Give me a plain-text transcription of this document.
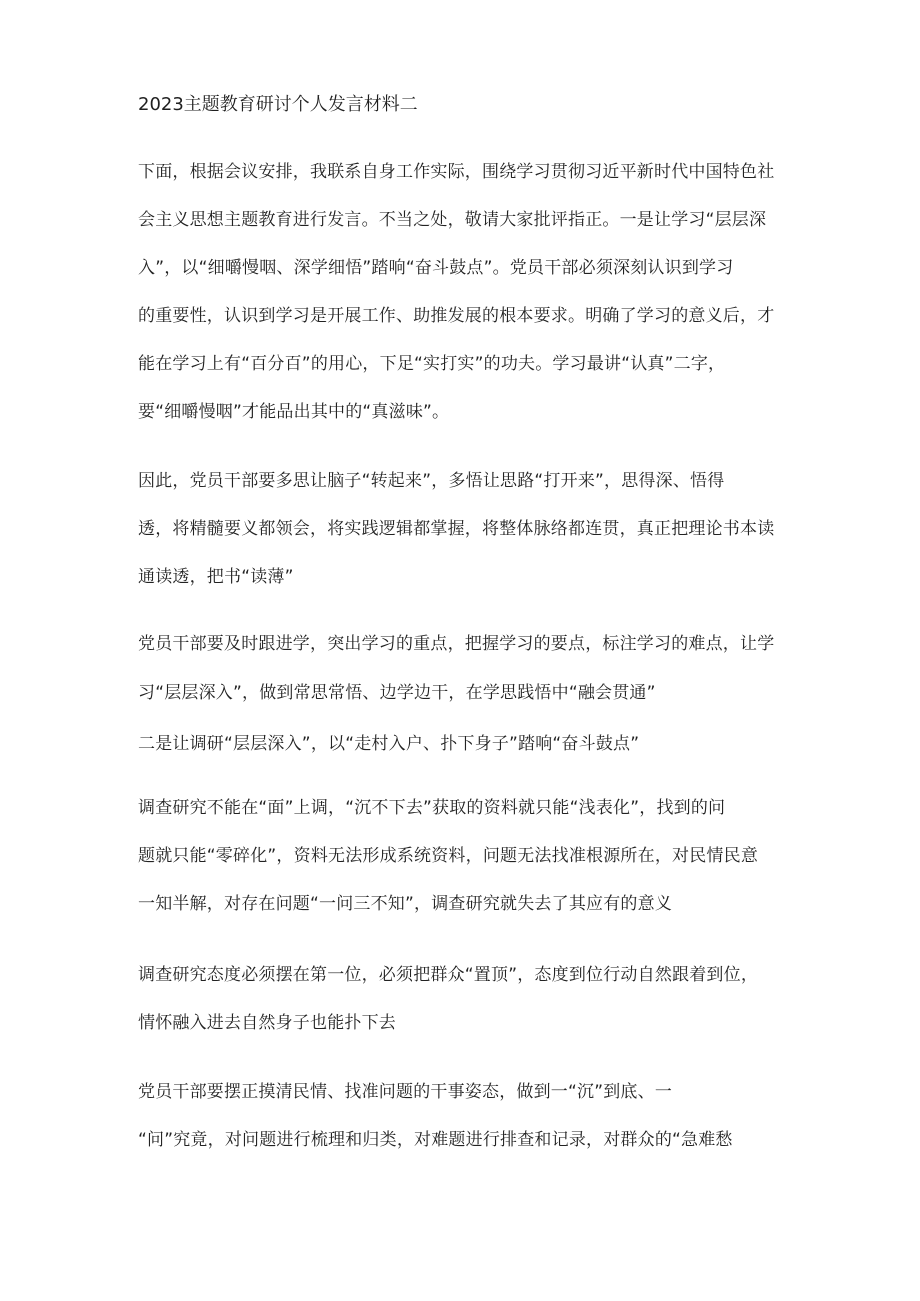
2023主题教育研讨个人发言材料二
下面，根据会议安排，我联系自身工作实际，围绕学习贯彻习近平新时代中国特色社
会主义思想主题教育进行发言。不当之处，敬请大家批评指正。一是让学习“层层深
入”，以“细嚼慢咽、深学细悟”踏响“奋斗鼓点”。党员干部必须深刻认识到学习
的重要性，认识到学习是开展工作、助推发展的根本要求。明确了学习的意义后，才
能在学习上有“百分百”的用心，下足“实打实”的功夫。学习最讲“认真”二字，
要“细嚼慢咽”才能品出其中的“真滋味”。
因此，党员干部要多思让脑子“转起来”，多悟让思路“打开来”，思得深、悟得
透，将精髓要义都领会，将实践逻辑都掌握，将整体脉络都连贯，真正把理论书本读
通读透，把书“读薄”
党员干部要及时跟进学，突出学习的重点，把握学习的要点，标注学习的难点，让学
习“层层深入”，做到常思常悟、边学边干，在学思践悟中“融会贯通”
二是让调研“层层深入”，以“走村入户、扑下身子”踏响“奋斗鼓点”
调查研究不能在“面”上调，“沉不下去”获取的资料就只能“浅表化”，找到的问
题就只能“零碎化”，资料无法形成系统资料，问题无法找准根源所在，对民情民意
一知半解，对存在问题“一问三不知”，调查研究就失去了其应有的意义
调查研究态度必须摆在第一位，必须把群众“置顶”，态度到位行动自然跟着到位，
情怀融入进去自然身子也能扑下去
党员干部要摆正摸清民情、找准问题的干事姿态，做到一“沉”到底、一
“问”究竟，对问题进行梳理和归类，对难题进行排查和记录，对群众的“急难愁
